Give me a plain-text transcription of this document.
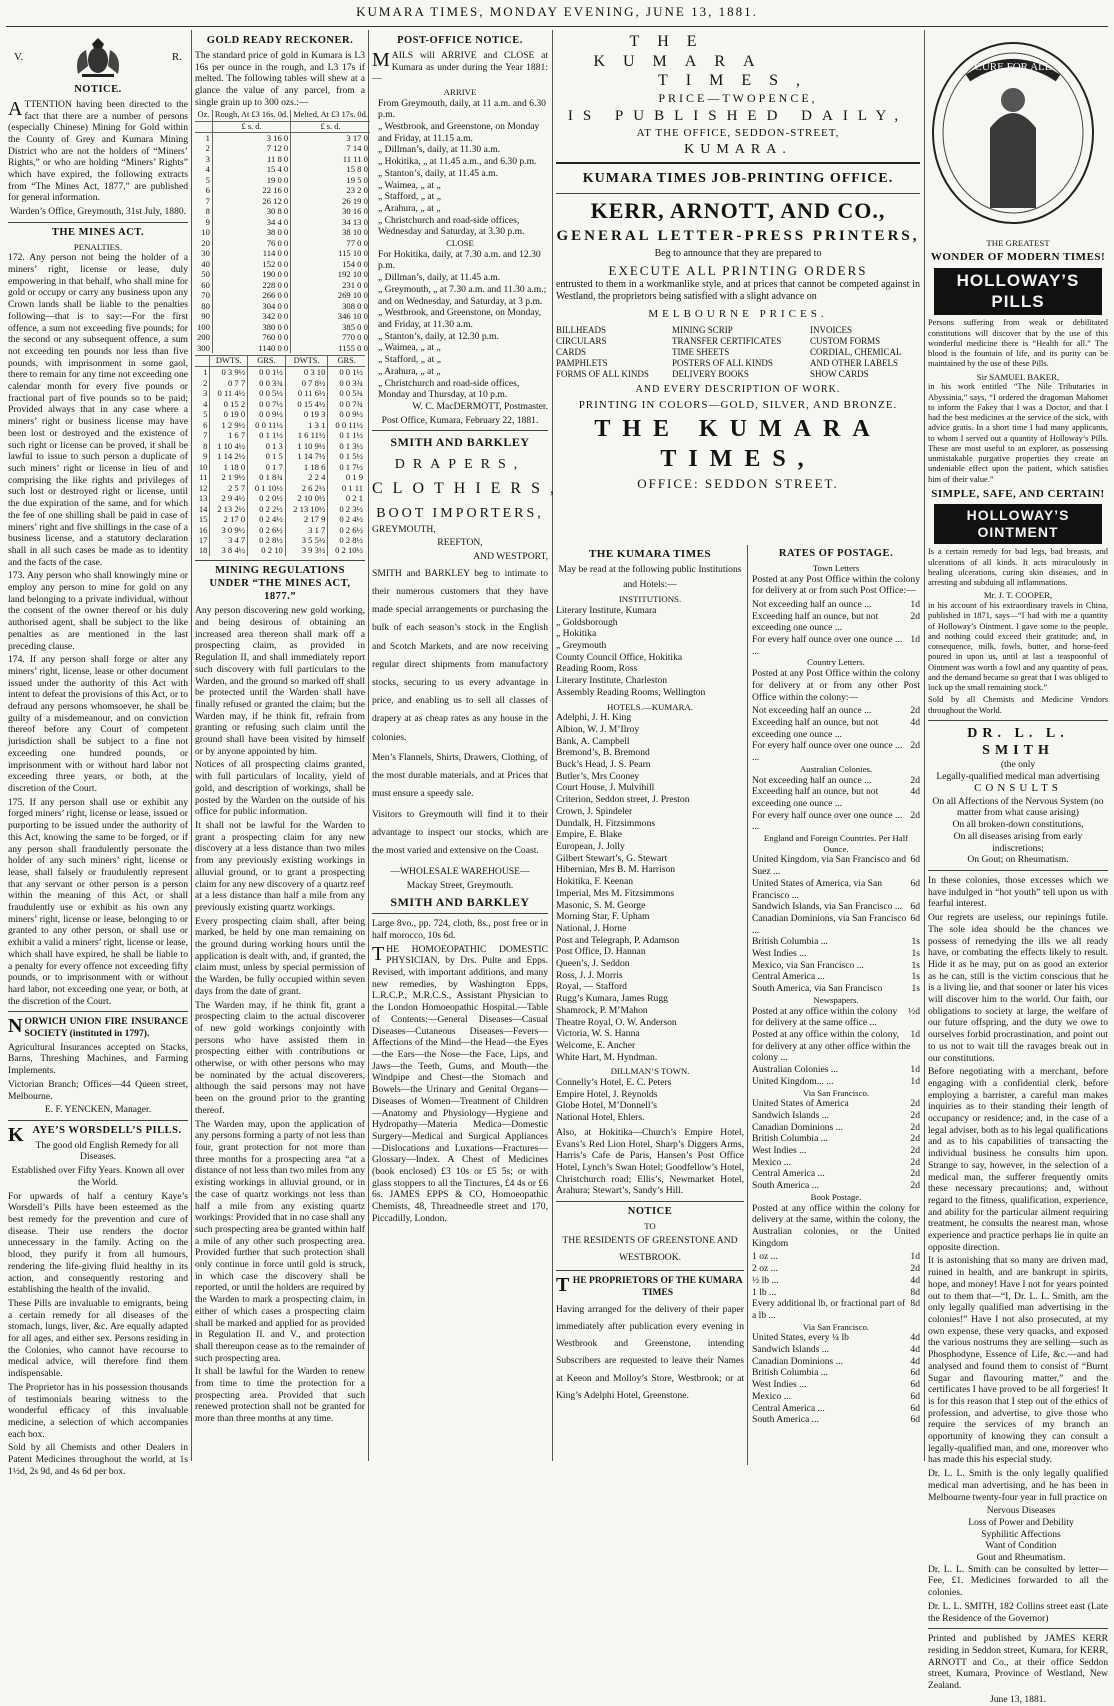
KUMARA TIMES, MONDAY EVENING, JUNE 13, 1881.
V.	R.
NOTICE.

ATTENTION having been directed to the fact that there are a number of persons (especially Chinese) Mining for Gold within the County of Grey and Kumara Mining District who are not the holders of “Miners’ Rights,” or who are holding “Miners’ Rights” which have expired, the following extracts from “The Mines Act, 1877,” are published for general information.

Warden’s Office, Greymouth, 31st July, 1880.

THE MINES ACT.
PENALTIES.

172. Any person not being the holder of a miners’ right, license or lease, duly empowering in that behalf, who shall mine for gold or occupy or carry any business upon any Crown lands shall be liable to the penalties following—that is to say:—For the first offence, a sum not exceeding five pounds; for the second or any subsequent offence, a sum not exceeding ten pounds nor less than five pounds, with imprisonment in some gaol, there to remain for any time not exceeding one calendar month for every five pounds or fractional part of five pounds so to be paid; Provided always that in any case where a miners’ right or business license may have been lost or destroyed and the existence of such right or license can be proved, it shall be lawful to issue to such person a duplicate of such miners’ right or license in lieu of and comprising the like rights and privileges of such lost or destroyed right or license, until the due expiration of the same, and for which the fee of one shilling shall be paid in case of miners’ right and five shillings in the case of a business license, and a statutory declaration shall in all such cases be made as to identity and the facts of the case.

173. Any person who shall knowingly mine or employ any person to mine for gold on any land belonging to a private individual, without the consent of the owner thereof or his duly authorised agent, shall be subject to the like penalties as are mentioned in the last preceding clause.

174. If any person shall forge or alter any miners’ right, license, lease or other document issued under the authority of this Act with intent to defeat the provisions of this Act, or to defraud any persons whomsoever, he shall be guilty of a misdemeanour, and on conviction thereof before any Court of competent jurisdiction shall be subject to a fine not exceeding one hundred pounds, or imprisonment with or without hard labor not exceeding three years, or both, at the discretion of the Court.

175. If any person shall use or exhibit any forged miners’ right, license or lease, issued or purporting to be issued under the authority of this Act, knowing the same to be forged, or if any person shall fraudulently personate the holder of any such miners’ right, license or lease, shall falsely or fraudulently represent that any servant or other person is a person within the meaning of this Act, or shall fraudulently use or exhibit as his own any miners’ right, license or lease, belonging to or granted to any other person, or shall use or exhibit a valid a miners’ right, license or lease, which shall have expired, he shall be liable to a penalty for every offence not exceeding fifty pounds, or to imprisonment with or without hard labor, not exceeding one year, or both, at the discretion of the Court.

NORWICH UNION FIRE INSURANCE SOCIETY (instituted in 1797).

Agricultural Insurances accepted on Stacks, Barns, Threshing Machines, and Farming Implements.

Victorian Branch; Offices—44 Queen street, Melbourne.

E. F. YENCKEN, Manager.

KAYE’S WORSDELL’S PILLS.

The good old English Remedy for all Diseases.

Established over Fifty Years. Known all over the World.

For upwards of half a century Kaye’s Worsdell’s Pills have been esteemed as the best remedy for the prevention and cure of disease. Their use renders the doctor unnecessary in the family. Acting on the blood, they purify it from all humours, rendering the life-giving fluid healthy in its action, and consequently restoring and establishing the health of the invalid.

These Pills are invaluable to emigrants, being a certain remedy for all diseases of the stomach, lungs, liver, &c. Are equally adapted for all ages, and either sex. Persons residing in the Colonies, who cannot have recourse to medical advice, will therefore find them indispensable.

The Proprietor has in his possession thousands of testimonials bearing witness to the wonderful efficacy of this invaluable medicine, a selection of which accompanies each box.

Sold by all Chemists and other Dealers in Patent Medicines throughout the world, at 1s 1½d, 2s 9d, and 4s 6d per box.

GOLD READY RECKONER.

The standard price of gold in Kumara is L3 16s per ounce in the rough, and L3 17s if melted. The following tables will shew at a glance the value of any parcel, from a single grain up to 300 ozs.:—

Oz.	Rough, At £3 16s. 0d.	Melted, At £3 17s. 0d.
	£ s. d.	£ s. d.
1	3 16 0	3 17 0
2	7 12 0	7 14 0
3	11 8 0	11 11 0
4	15 4 0	15 8 0
5	19 0 0	19 5 0
6	22 16 0	23 2 0
7	26 12 0	26 19 0
8	30 8 0	30 16 0
9	34 4 0	34 13 0
10	38 0 0	38 10 0
20	76 0 0	77 0 0
30	114 0 0	115 10 0
40	152 0 0	154 0 0
50	190 0 0	192 10 0
60	228 0 0	231 0 0
70	266 0 0	269 10 0
80	304 0 0	308 0 0
90	342 0 0	346 10 0
100	380 0 0	385 0 0
200	760 0 0	770 0 0
300	1140 0 0	1155 0 0
	DWTS.	GRS.	DWTS.	GRS.
1	0 3 9½	0 0 1½	0 3 10	0 0 1½
2	0 7 7	0 0 3¾	0 7 8½	0 0 3¾
3	0 11 4½	0 0 5½	0 11 6½	0 0 5¾
4	0 15 2	0 0 7½	0 15 4½	0 0 7¾
5	0 19 0	0 0 9½	0 19 3	0 0 9½
6	1 2 9½	0 0 11½	1 3 1	0 0 11½
7	1 6 7	0 1 1½	1 6 11½	0 1 1½
8	1 10 4½	0 1 3	1 10 9½	0 1 3½
9	1 14 2½	0 1 5	1 14 7½	0 1 5½
10	1 18 0	0 1 7	1 18 6	0 1 7½
11	2 1 9½	0 1 8¾	2 2 4	0 1 9
12	2 5 7	0 1 10½	2 6 2½	0 1 11
13	2 9 4½	0 2 0½	2 10 0½	0 2 1
14	2 13 2½	0 2 2½	2 13 10½	0 2 3½
15	2 17 0	0 2 4½	2 17 9	0 2 4½
16	3 0 9½	0 2 6½	3 1 7	0 2 6½
17	3 4 7	0 2 8½	3 5 5½	0 2 8½
18	3 8 4½	0 2 10	3 9 3½	0 2 10½
MINING REGULATIONS UNDER “THE MINES ACT, 1877.”

Any person discovering new gold working, and being desirous of obtaining an increased area thereon shall mark off a prospecting claim, as provided in Regulation II, and shall immediately report such discovery with full particulars to the Warden, and the ground so marked off shall be protected until the Warden shall have finally refused or granted the claim; but the Warden may, if he think fit, refrain from granting or refusing such claim until the ground shall have been visited by himself or by anyone appointed by him.

Notices of all prospecting claims granted, with full particulars of locality, yield of gold, and description of workings, shall be posted by the Warden on the outside of his office for public information.

It shall not be lawful for the Warden to grant a prospecting claim for any new discovery at a less distance than two miles from any previously existing workings in alluvial ground, or to grant a prospecting claim for any new discovery of a quartz reef at a less distance than half a mile from any previously existing quartz workings.

Every prospecting claim shall, after being marked, be held by one man remaining on the ground during working hours until the application is dealt with, and, if granted, the claim must, unless by special permission of the Warden, be fully occupied within seven days from the date of grant.

The Warden may, if he think fit, grant a prospecting claim to the actual discoverer of new gold workings conjointly with persons who have assisted them in prospecting either with contributions or otherwise, or with other persons who may be nominated by the actual discoverers, although the said persons may not have been on the ground prior to the granting thereof.

The Warden may, upon the application of any persons forming a party of not less than four, grant protection for not more than three months for a prospecting area “at a distance of not less than two miles from any existing workings in alluvial ground, or in the case of quartz workings not less than half a mile from any existing quartz workings: Provided that in no case shall any such prospecting area be granted within half a mile of any other such prospecting area. Provided further that such protection shall only continue in force until gold is struck, in which case the discovery shall be reported, or until the holders are required by the Warden to mark a prospecting claim, in either of which cases a prospecting claim shall be marked and applied for as provided in Regulation II. and V., and protection shall thereupon cease as to the remainder of such prospecting area.

It shall be lawful for the Warden to renew from time to time the protection for a prospecting area. Provided that such renewed protection shall not be granted for more than three months at any time.

POST-OFFICE NOTICE.

MAILS will ARRIVE and CLOSE at Kumara as under during the Year 1881:—

ARRIVE

From Greymouth, daily, at 11 a.m. and 6.30 p.m.

„ Westbrook, and Greenstone, on Monday and Friday, at 11.15 a.m.

„ Dillman’s, daily, at 11.30 a.m.

„ Hokitika, „ at 11.45 a.m., and 6.30 p.m.

„ Stanton’s, daily, at 11.45 a.m.

„ Waimea, „ at „

„ Stafford, „ at „

„ Arahura, „ at „

„ Christchurch and road-side offices, Wednesday and Saturday, at 3.30 p.m.

CLOSE

For Hokitika, daily, at 7.30 a.m. and 12.30 p.m.

„ Dillman’s, daily, at 11.45 a.m.

„ Greymouth, „ at 7.30 a.m. and 11.30 a.m.; and on Wednesday, and Saturday, at 3 p.m.

„ Westbrook, and Greenstone, on Monday, and Friday, at 11.30 a.m.

„ Stanton’s, daily, at 12.30 p.m.

„ Waimea, „ at „

„ Stafford, „ at „

„ Arahura, „ at „

„ Christchurch and road-side offices, Monday and Thursday, at 10 p.m.

W. C. MacDERMOTT, Postmaster.

Post Office, Kumara, February 22, 1881.

SMITH AND BARKLEY
DRAPERS,
CLOTHIERS,
BOOT IMPORTERS,

GREYMOUTH,

REEFTON,

AND WESTPORT,

SMITH and BARKLEY beg to intimate to their numerous customers that they have made special arrangements or purchasing the bulk of each season’s stock in the English and Scotch Markets, and are now receiving regular direct shipments from manufactory stocks, securing to us every advantage in price, and enabling us to sell all classes of drapery at as cheap rates as any house in the colonies.

Men’s Flannels, Shirts, Drawers, Clothing, of the most durable materials, and at Prices that must ensure a speedy sale.

Visitors to Greymouth will find it to their advantage to inspect our stocks, which are the most varied and extensive on the Coast.

—WHOLESALE WAREHOUSE—

Mackay Street, Greymouth.

SMITH AND BARKLEY

Large 8vo., pp. 724, cloth, 8s., post free or in half morocco, 10s 6d.

THE HOMOEOPATHIC DOMESTIC PHYSICIAN, by Drs. Pulte and Epps. Revised, with important additions, and many new remedies, by Washington Epps, L.R.C.P., M.R.C.S., Assistant Physician to the London Homoeopathic Hospital.—Table of Contents:—General Diseases—Casual Diseases—Cutaneous Diseases—Fevers—Affections of the Mind—the Head—the Eyes—the Ears—the Nose—the Face, Lips, and Jaws—the Teeth, Gums, and Mouth—the Windpipe and Chest—the Stomach and Bowels—the Urinary and Genital Organs—Diseases of Women—Treatment of Children—Anatomy and Physiology—Hygiene and Hydropathy—Materia Medica—Domestic Surgery—Medical and Surgical Appliances—Dislocations and Luxations—Fractures—Glossary—Index. A Chest of Medicines (book enclosed) £3 10s or £5 5s; or with glass stoppers to all the Tinctures, £4 4s or £6 6s. JAMES EPPS & CO, Homoeopathic Chemists, 48, Threadneedle street and 170, Piccadilly, London.

THE       KUMARA      TIMES,
PRICE—TWOPENCE,
IS PUBLISHED DAILY,
AT THE OFFICE, SEDDON-STREET,
KUMARA.
KUMARA TIMES JOB-PRINTING OFFICE.
KERR, ARNOTT, AND CO.,
GENERAL LETTER-PRESS PRINTERS,
Beg to announce that they are prepared to
EXECUTE ALL PRINTING ORDERS

entrusted to them in a workmanlike style, and at prices that cannot be competed against in Westland, the proprietors being satisfied with a slight advance on

MELBOURNE PRICES.
BILLHEADS	MINING SCRIP	INVOICES
CIRCULARS	TRANSFER CERTIFICATES	CUSTOM FORMS
CARDS	TIME SHEETS	CORDIAL, CHEMICAL
PAMPHLETS	POSTERS OF ALL KINDS	AND OTHER LABELS
FORMS OF ALL KINDS	DELIVERY BOOKS	SHOW CARDS
AND EVERY DESCRIPTION OF WORK.
PRINTING IN COLORS—GOLD, SILVER, AND BRONZE.
THE KUMARA TIMES,
OFFICE: SEDDON STREET.
THE KUMARA TIMES

May be read at the following public Institutions and Hotels:—

INSTITUTIONS.

Literary Institute, Kumara

„ Goldsborough

„ Hokitika

„ Greymouth

County Council Office, Hokitika

Reading Room, Ross

Literary Institute, Charleston

Assembly Reading Rooms, Wellington

HOTELS.—KUMARA.

Adelphi, J. H. King

Albion, W. J. M’Ilroy

Bank, A. Campbell

Bremond’s, B. Bremond

Buck’s Head, J. S. Pearn

Butler’s, Mrs Cooney

Court House, J. Mulvihill

Criterion, Seddon street, J. Preston

Crown, J. Spindeler

Dundalk, H. Fitzsimmons

Empire, E. Blake

European, J. Jolly

Gilbert Stewart’s, G. Stewart

Hibernian, Mrs B. M. Harrison

Hokitika, F. Keenan

Imperial, Mrs M. Fitzsimmons

Masonic, S. M. George

Morning Star, F. Upham

National, J. Horne

Post and Telegraph, P. Adamson

Post Office, D. Hannan

Queen’s, J. Seddon

Ross, J. J. Morris

Royal, — Stafford

Rugg’s Kumara, James Rugg

Shamrock, P. M’Mahon

Theatre Royal, O. W. Anderson

Victoria, W. S. Hanna

Welcome, E. Ancher

White Hart, M. Hyndman.

DILLMAN’S TOWN.

Connelly’s Hotel, E. C. Peters

Empire Hotel, J. Reynolds

Globe Hotel, M’Donnell’s

National Hotel, Ehlers.

Also, at Hokitika—Church’s Empire Hotel, Evans’s Red Lion Hotel, Sharp’s Diggers Arms, Harris’s Cafe de Paris, Hansen’s Post Office Hotel, Lynch’s Swan Hotel; Goodfellow’s Hotel, Christchurch road; Ellis’s, Newmarket Hotel, Arahura; Stewart’s, Sandy’s Hill.

NOTICE
TO

THE RESIDENTS OF GREENSTONE AND WESTBROOK.

THE PROPRIETORS OF THE KUMARA TIMES

Having arranged for the delivery of their paper immediately after publication every evening in Westbrook and Greenstone, intending Subscribers are requested to leave their Names at Keeon and Molloy’s Store, Westbrook; or at King’s Adelphi Hotel, Greenstone.

RATES OF POSTAGE.
Town Letters

Posted at any Post Office within the colony for delivery at or from such Post Office:—

Not exceeding half an ounce ...	1d
Exceeding half an ounce, but not exceeding one ounce ...
2d
For every half ounce over one ounce ... ...
1d
Country Letters.

Posted at any Post Office within the colony for delivery at or from any other Post Office within the colony:—

Not exceeding half an ounce ...	2d
Exceeding half an ounce, but not exceeding one ounce ...
4d
For every half ounce over one ounce ... ...
2d
Australian Colonies.
Not exceeding half an ounce ...	2d
Exceeding half an ounce, but not exceeding one ounce ...
4d
For every half ounce over one ounce ... ...
2d
England and Foreign Countries. Per Half Ounce.
United Kingdom, via San Francisco and Suez ...
6d
United States of America, via San Francisco ...
6d
Sandwich Islands, via San Francisco ... 6d
Canadian Dominions, via San Francisco ...
6d
British Columbia ...	1s
West Indies ...	1s
Mexico, via San Francisco ...	1s
Central America ...	1s
South America, via San Francisco	1s
Newspapers.
Posted at any office within the colony for delivery at the same office ...
½d
Posted at any office within the colony, for delivery at any other office within the colony ...
1d
Australian Colonies ...	1d
United Kingdom... ...	1d
Via San Francisco.
United States of America	2d
Sandwich Islands ...	2d
Canadian Dominions ...	2d
British Columbia ...	2d
West Indies ...	2d
Mexico ...	2d
Central America ...	2d
South America ...	2d
Book Postage.

Posted at any office within the colony for delivery at the same, within the colony, the Australian colonies, or the United Kingdom

1 oz ...	1d
2 oz ...	2d
½ lb ...	4d
1 lb ...	8d
Every additional lb, or fractional part of a lb ...
8d
Via San Francisco.
United States, every ¼ lb	4d
Sandwich Islands ...	4d
Canadian Dominions ...	4d
British Columbia ...	6d
West Indies ...	6d
Mexico ...	6d
Central America ...	6d
South America ...	6d
CURE FOR ALL
THE GREATEST
WONDER OF MODERN TIMES!
HOLLOWAY’S PILLS

Persons suffering from weak or debilitated constitutions will discover that by the use of this wonderful medicine there is “Health for all.” The blood is the fountain of life, and its purity can be maintained by the use of these Pills.

Sir SAMUEL BAKER,

in his work entitled “The Nile Tributaries in Abyssinia,” says, “I ordered the dragoman Mahomet to inform the Fakey that I was a Doctor, and that I had the best medicines at the service of the sick, with advice gratis. In a short time I had many applicants, to whom I served out a quantity of Holloway’s Pills. These are most useful to an explorer, as possessing unmistakable purgative properties they create an undeniable effect upon the patient, which satisfies him of their value.”

SIMPLE, SAFE, AND CERTAIN!
HOLLOWAY’S OINTMENT

Is a certain remedy for bad legs, bad breasts, and ulcerations of all kinds. It acts miraculously in healing ulcerations, curing skin diseases, and in arresting and subduing all inflammations.

Mr. J. T. COOPER,

in his account of his extraordinary travels in China, published in 1871, says—“I had with me a quantity of Holloway’s Ointment. I gave some to the people, and nothing could exceed their gratitude; and, in consequence, milk, fowls, butter, and horse-feed poured in upon us, until at last a teaspoonful of Ointment was worth a fowl and any quantity of peas, and the demand became so great that I was obliged to lock up the small remaining stock.”

Sold by all Chemists and Medicine Vendors throughout the World.

DR. L. L. SMITH
(the only
Legally-qualified medical man advertising
CONSULTS

On all Affections of the Nervous System (no matter from what cause arising)

On all broken-down constitutions,

On all diseases arising from early indiscretions;

On Gout; on Rheumatism.

In these colonies, those excesses which we have indulged in “hot youth” tell upon us with fearful interest.

Our regrets are useless, our repinings futile. The sole idea should be the chances we possess of remedying the ills we all ready have, or combating the effects likely to result. Hide it as he may, put on as good an exterior as he can, still is the victim conscious that he is a living lie, and that sooner or later his vices will discover him to the world. Our faith, our obligations to society at large, the welfare of our future offspring, and the duty we owe to ourselves forbid procrastination, and point out to us not to wait till the ravages break out in our constitutions.

Before negotiating with a merchant, before engaging with a confidential clerk, before employing a barrister, a careful man makes inquiries as to their standing their length of occupancy or residence; and, in the case of a legal adviser, both as to his legal qualifications and as to his capabilities of transacting the individual business he consults him upon. Strange to say, however, in the selection of a medical man, the sufferer frequently omits these necessary precautions; and, without regard to the fitness, qualification, experience, and ability for the particular ailment requiring treatment, he consults the nearest man, whose experience and practice perhaps lie in quite an opposite direction.

It is astonishing that so many are driven mad, ruined in health, and are bankrupt in spirits, hope, and money! Have I not for years pointed out to them that—“I, Dr. L. L. Smith, am the only legally qualified man advertising in the colonies!” Have I not also prosecuted, at my own expense, these very quacks, and exposed the various nostrums they are selling—such as Phosphodyne, Essence of Life, &c.—and had analysed and found them to consist of “Burnt Sugar and flavouring matter,” and the certificates I have proved to be all forgeries! It is for this reason that I step out of the ethics of profession, and advertise, to give those who require the services of my branch an opportunity of knowing they can consult a legally-qualified man, and one, moreover who has made this his especial study.

Dr. L. L. Smith is the only legally qualified medical man advertising, and he has been in Melbourne twenty-four year in full practice on

Nervous Diseases

Loss of Power and Debility

Syphilitic Affections

Want of Condition

Gout and Rheumatism.

Dr. L. L. Smith can be consulted by letter—Fee, £1. Medicines forwarded to all the colonies.

Dr. L. L. SMITH, 182 Collins street east (Late the Residence of the Governor)

Printed and published by JAMES KERR residing in Seddon street, Kumara, for KERR, ARNOTT and Co., at their office Seddon street, Kumara, Province of Westland, New Zealand.

June 13, 1881.
